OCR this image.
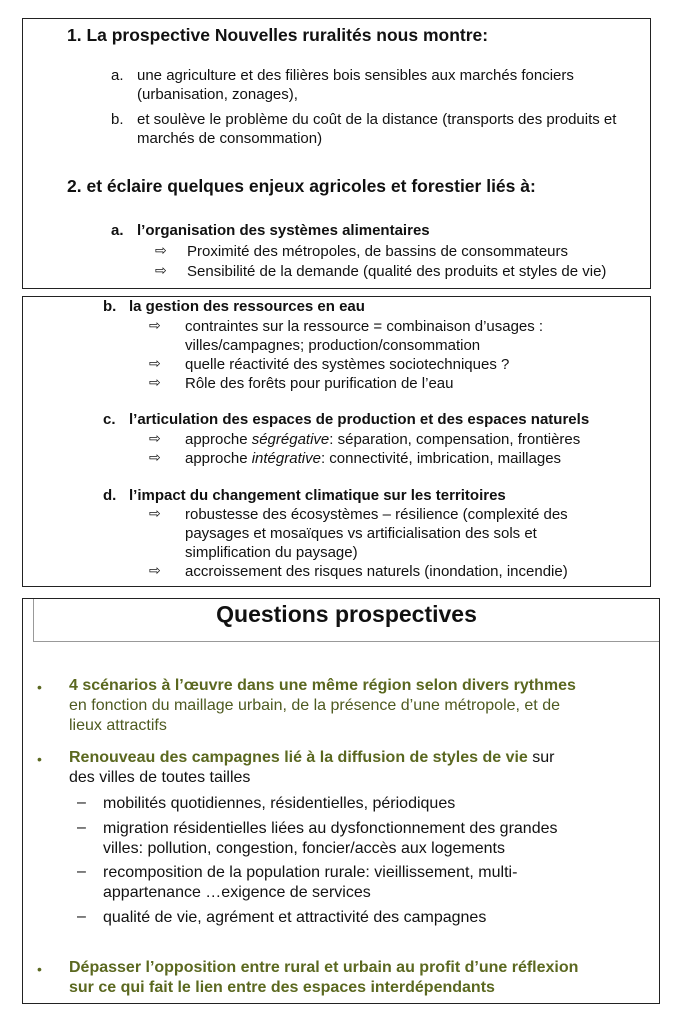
1. La prospective Nouvelles ruralités nous montre:
a. une agriculture et des filières bois sensibles aux marchés fonciers
(urbanisation, zonages),
b. et soulève le problème du coût de la distance (transports des produits et
marchés de consommation)
2. et éclaire quelques enjeux agricoles et forestier liés à:
a. l’organisation des systèmes alimentaires
⇨ Proximité des métropoles, de bassins de consommateurs
⇨ Sensibilité de la demande (qualité des produits et styles de vie)
b. la gestion des ressources en eau
⇨ contraintes sur la ressource = combinaison d’usages :
villes/campagnes; production/consommation
⇨ quelle réactivité des systèmes sociotechniques ?
⇨ Rôle des forêts pour purification de l’eau
c. l’articulation des espaces de production et des espaces naturels
⇨ approche ségrégative: séparation, compensation, frontières
⇨ approche intégrative: connectivité, imbrication, maillages
d. l’impact du changement climatique sur les territoires
⇨ robustesse des écosystèmes – résilience (complexité des
paysages et mosaïques vs artificialisation des sols et
simplification du paysage)
⇨ accroissement des risques naturels (inondation, incendie)
Questions prospectives
• 4 scénarios à l’œuvre dans une même région selon divers rythmes
en fonction du maillage urbain, de la présence d’une métropole, et de
lieux attractifs
• Renouveau des campagnes lié à la diffusion de styles de vie sur
des villes de toutes tailles
– mobilités quotidiennes, résidentielles, périodiques
– migration résidentielles liées au dysfonctionnement des grandes
villes: pollution, congestion, foncier/accès aux logements
– recomposition de la population rurale: vieillissement, multi-
appartenance …exigence de services
– qualité de vie, agrément et attractivité des campagnes
• Dépasser l’opposition entre rural et urbain au profit d’une réflexion
sur ce qui fait le lien entre des espaces interdépendants
